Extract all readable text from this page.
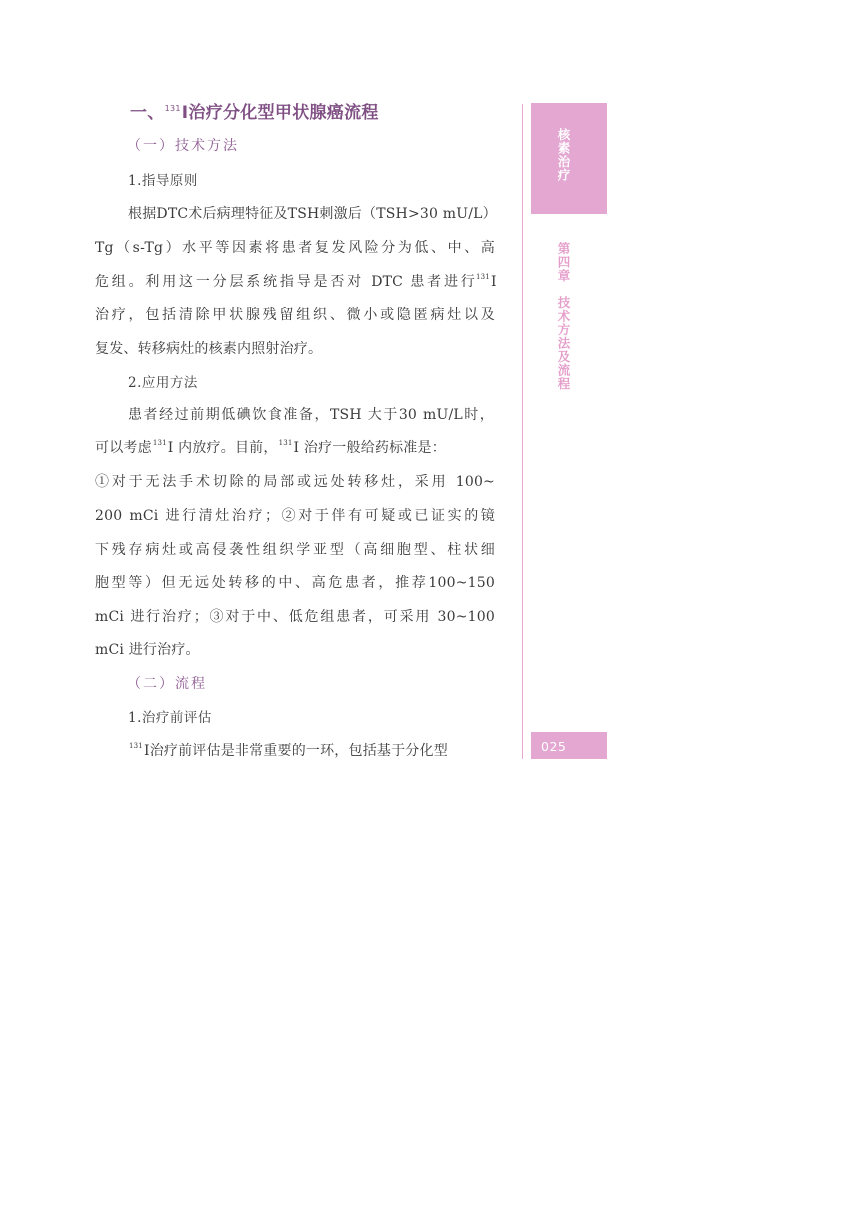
一、$^{131}$I治疗分化型甲状腺癌流程
（一）技术方法
1.指导原则
根据DTC术后病理特征及TSH刺激后（TSH>30 mU/L）
Tg（s-Tg）水平等因素将患者复发风险分为低、中、高
危组。利用这一分层系统指导是否对 DTC 患者进行$^{131}$I
治疗，包括清除甲状腺残留组织、微小或隐匿病灶以及
复发、转移病灶的核素内照射治疗。
2.应用方法
患者经过前期低碘饮食准备，TSH 大于30 mU/L时，
可以考虑$^{131}$I 内放疗。目前，$^{131}$I 治疗一般给药标准是：
①对于无法手术切除的局部或远处转移灶，采用 100~
200 mCi 进行清灶治疗；②对于伴有可疑或已证实的镜
下残存病灶或高侵袭性组织学亚型（高细胞型、柱状细
胞型等）但无远处转移的中、高危患者，推荐100~150
mCi 进行治疗；③对于中、低危组患者，可采用 30~100
mCi 进行治疗。
（二）流程
1.治疗前评估
$^{131}$I治疗前评估是非常重要的一环，包括基于分化型
核素治疗
第四章　技术方法及流程
025
